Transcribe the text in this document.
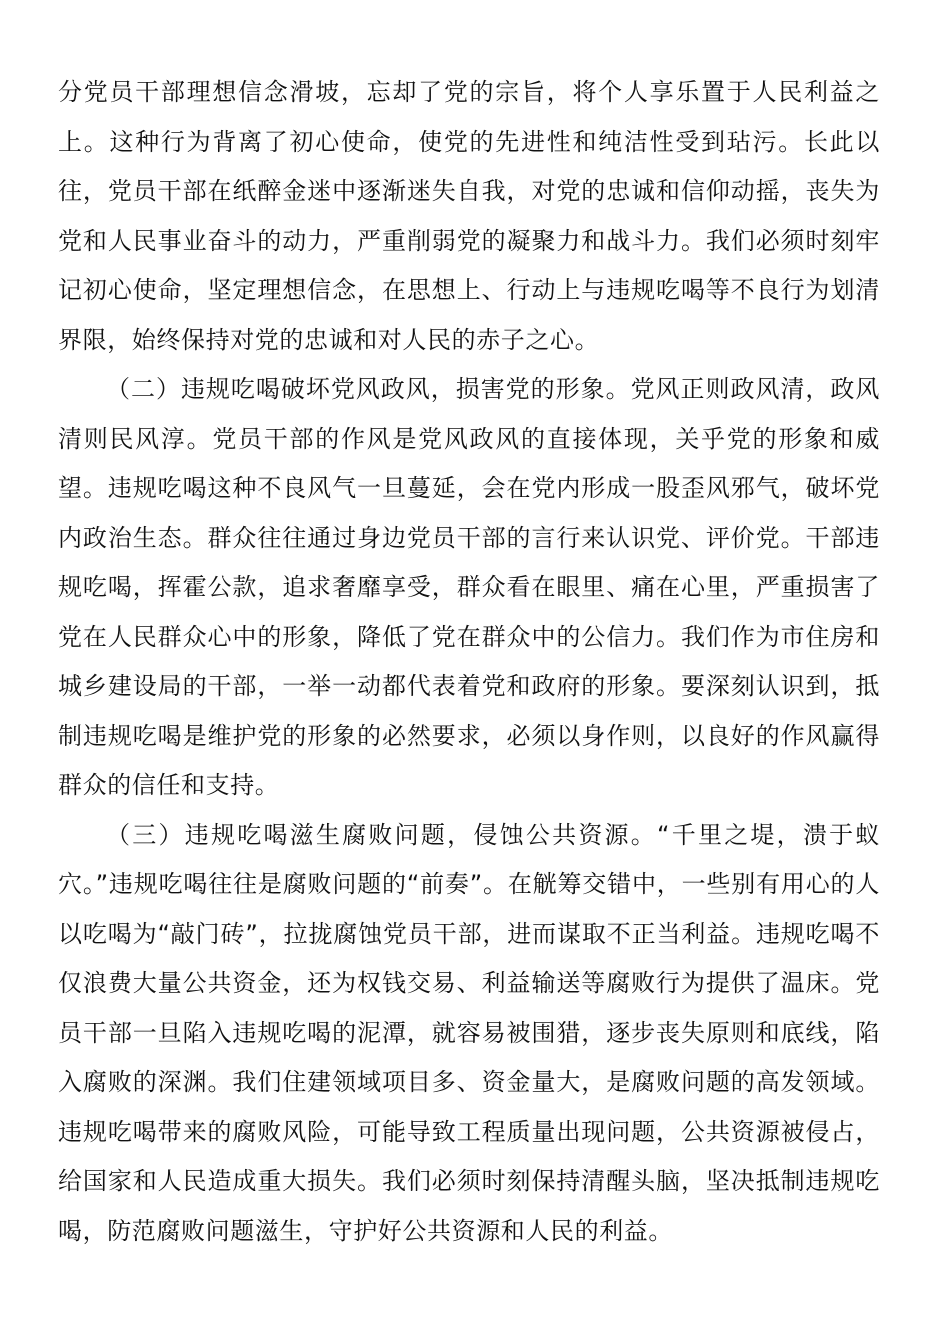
分党员干部理想信念滑坡，忘却了党的宗旨，将个人享乐置于人民利益之上。这种行为背离了初心使命，使党的先进性和纯洁性受到玷污。长此以往，党员干部在纸醉金迷中逐渐迷失自我，对党的忠诚和信仰动摇，丧失为党和人民事业奋斗的动力，严重削弱党的凝聚力和战斗力。我们必须时刻牢记初心使命，坚定理想信念，在思想上、行动上与违规吃喝等不良行为划清界限，始终保持对党的忠诚和对人民的赤子之心。

（二）违规吃喝破坏党风政风，损害党的形象。党风正则政风清，政风清则民风淳。党员干部的作风是党风政风的直接体现，关乎党的形象和威望。违规吃喝这种不良风气一旦蔓延，会在党内形成一股歪风邪气，破坏党内政治生态。群众往往通过身边党员干部的言行来认识党、评价党。干部违规吃喝，挥霍公款，追求奢靡享受，群众看在眼里、痛在心里，严重损害了党在人民群众心中的形象，降低了党在群众中的公信力。我们作为市住房和城乡建设局的干部，一举一动都代表着党和政府的形象。要深刻认识到，抵制违规吃喝是维护党的形象的必然要求，必须以身作则，以良好的作风赢得群众的信任和支持。

（三）违规吃喝滋生腐败问题，侵蚀公共资源。“千里之堤，溃于蚁穴。”违规吃喝往往是腐败问题的“前奏”。在觥筹交错中，一些别有用心的人以吃喝为“敲门砖”，拉拢腐蚀党员干部，进而谋取不正当利益。违规吃喝不仅浪费大量公共资金，还为权钱交易、利益输送等腐败行为提供了温床。党员干部一旦陷入违规吃喝的泥潭，就容易被围猎，逐步丧失原则和底线，陷入腐败的深渊。我们住建领域项目多、资金量大，是腐败问题的高发领域。违规吃喝带来的腐败风险，可能导致工程质量出现问题，公共资源被侵占，给国家和人民造成重大损失。我们必须时刻保持清醒头脑，坚决抵制违规吃喝，防范腐败问题滋生，守护好公共资源和人民的利益。
